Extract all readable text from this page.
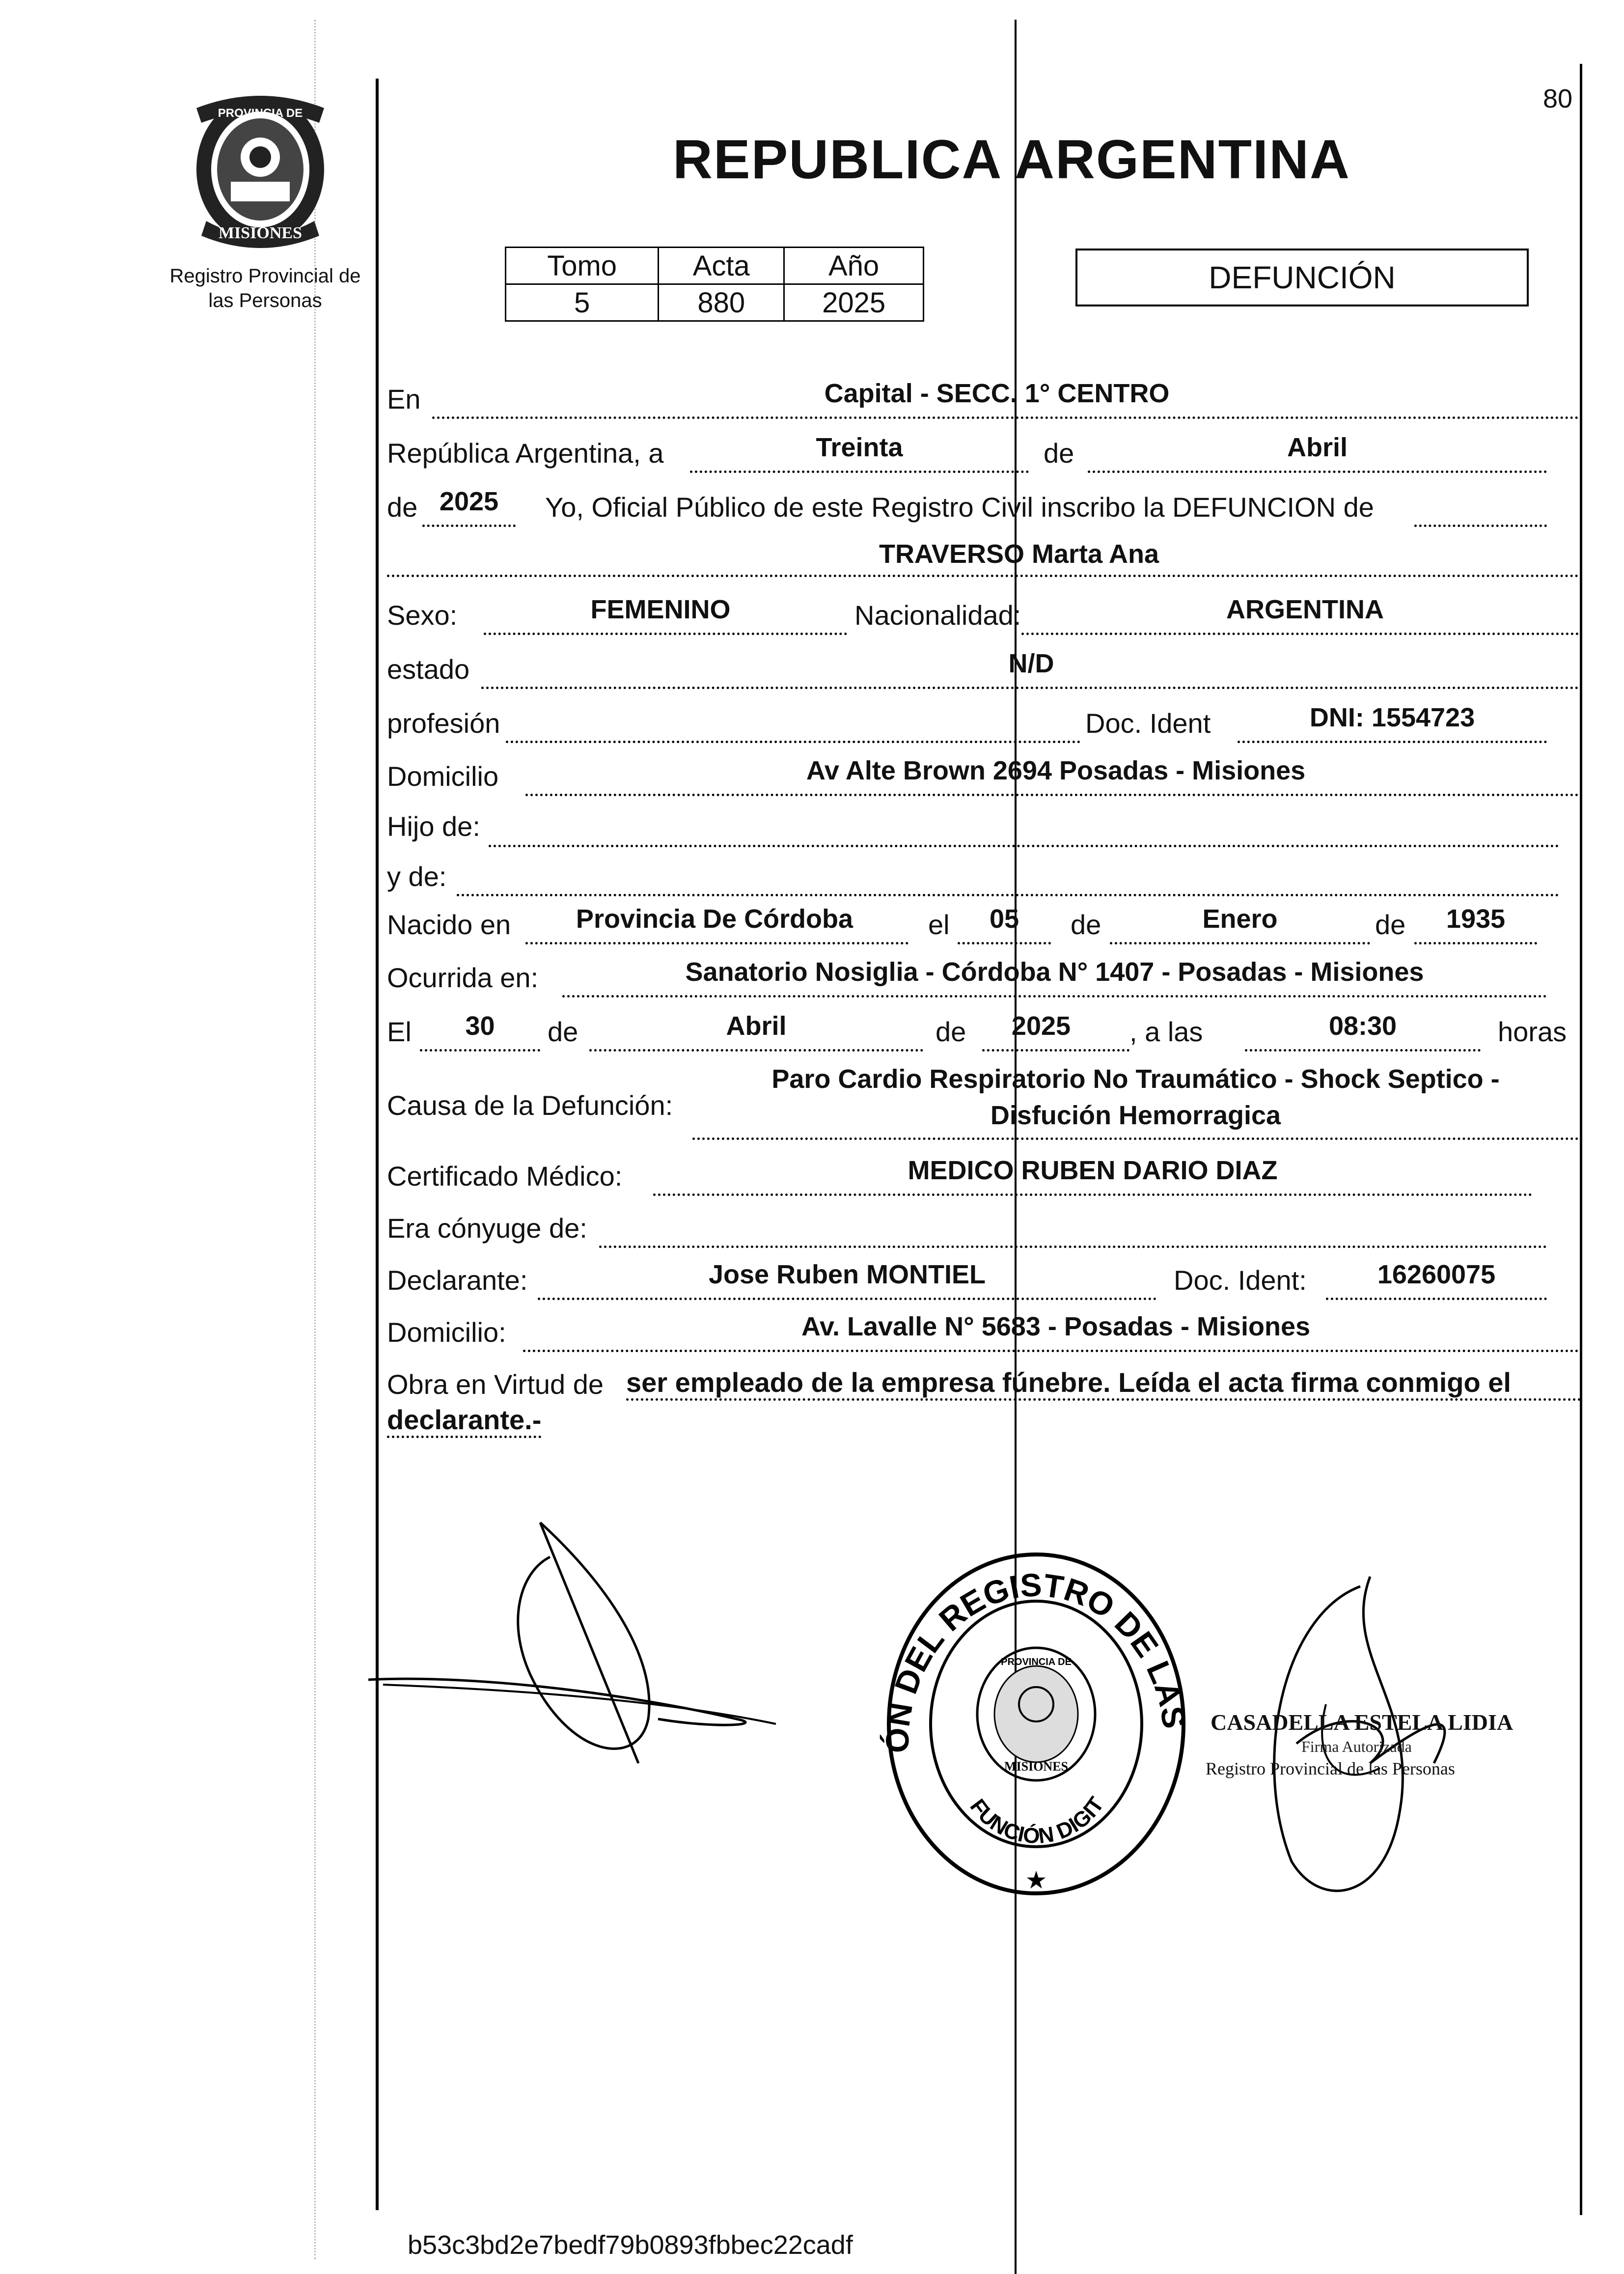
80
PROVINCIA DE
MISIONES
Registro Provincial de
las Personas
REPUBLICA ARGENTINA
Tomo	Acta	Año
5	880	2025
DEFUNCIÓN
En	Capital - SECC. 1° CENTRO
República Argentina, a	Treinta	de	Abril
de 2025	Yo, Oficial Público de este Registro Civil inscribo la DEFUNCION de
TRAVERSO Marta Ana
Sexo:	FEMENINO	Nacionalidad:	ARGENTINA
estado	N/D
profesión	Doc. Ident	DNI: 1554723
Domicilio	Av Alte Brown 2694 Posadas - Misiones
Hijo de:
y de:
Nacido en	Provincia De Córdoba	el	05	de	Enero	de	1935
Ocurrida en:	Sanatorio Nosiglia - Córdoba N° 1407 - Posadas - Misiones
El	30	de	Abril	de	2025	, a las	08:30	horas
Causa de la Defunción:
Paro Cardio Respiratorio No Traumático - Shock Septico -
Disfución Hemorragica
Certificado Médico:	MEDICO RUBEN DARIO DIAZ
Era cónyuge de:
Declarante:	Jose Ruben MONTIEL	Doc. Ident:	16260075
Domicilio:	Av. Lavalle N° 5683 - Posadas - Misiones
Obra en Virtud de ser empleado de la empresa fúnebre. Leída el acta firma conmigo el
declarante.-
ÓN DEL REGISTRO DE LAS
FUNCIÓN DIGIT
PROVINCIA DE
MISIONES
★
CASADELLA ESTELA LIDIA
Firma Autorizada
Registro Provincial de las Personas
b53c3bd2e7bedf79b0893fbbec22cadf
